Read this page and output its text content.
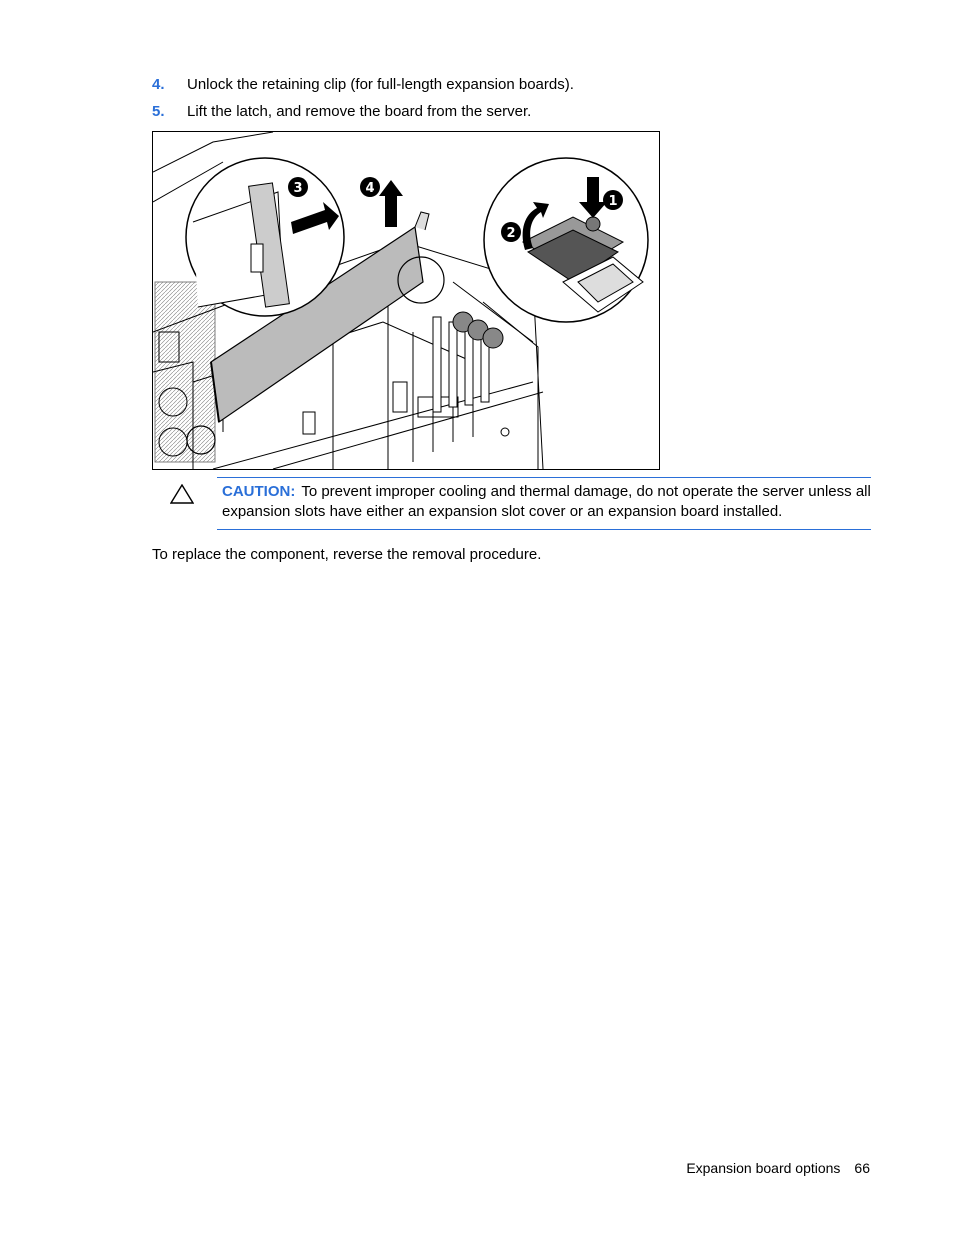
4. Unlock the retaining clip (for full-length expansion boards).
5. Lift the latch, and remove the board from the server.
3	4
1
2
CAUTION: To prevent improper cooling and thermal damage, do not operate the server unless all expansion slots have either an expansion slot cover or an expansion board installed.
To replace the component, reverse the removal procedure.
Expansion board options 66
